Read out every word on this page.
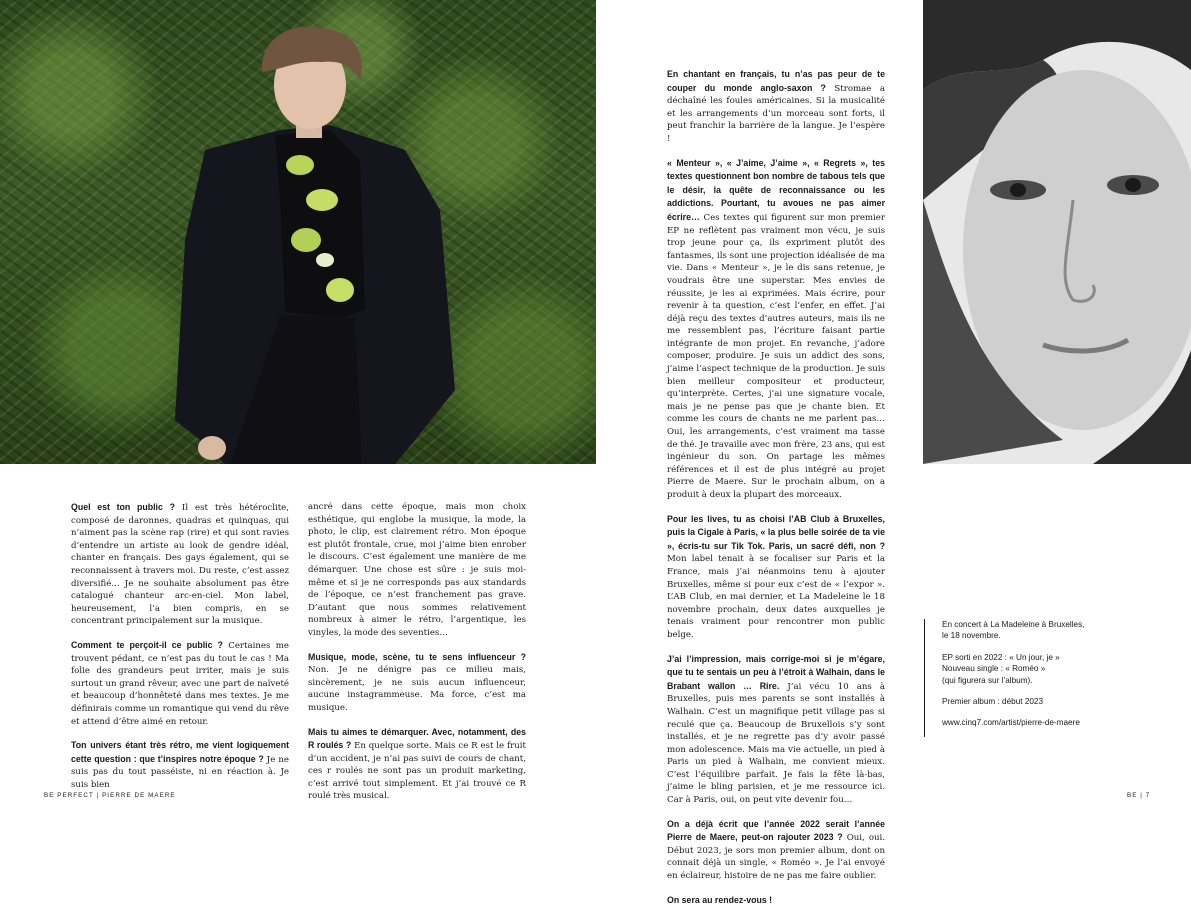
Quel est ton public ? Il est très hétéroclite, composé de daronnes, quadras et quinquas, qui n’aiment pas la scène rap (rire) et qui sont ravies d’entendre un artiste au look de gendre idéal, chanter en français. Des gays également, qui se reconnaissent à travers moi. Du reste, c’est assez diversifié… Je ne souhaite absolument pas être catalogué chanteur arc-en-ciel. Mon label, heureusement, l’a bien compris, en se concentrant principalement sur la musique.

Comment te perçoit-il ce public ? Certaines me trouvent pédant, ce n’est pas du tout le cas ! Ma folie des grandeurs peut irriter, mais je suis surtout un grand rêveur, avec une part de naïveté et beaucoup d’honnêteté dans mes textes. Je me définirais comme un romantique qui vend du rêve et attend d’être aimé en retour.

Ton univers étant très rétro, me vient logiquement cette question : que t’inspires notre époque ? Je ne suis pas du tout passéiste, ni en réaction à. Je suis bien

ancré dans cette époque, mais mon choix esthétique, qui englobe la musique, la mode, la photo, le clip, est clairement rétro. Mon époque est plutôt frontale, crue, moi j’aime bien enrober le discours. C’est également une manière de me démarquer. Une chose est sûre : je suis moi-même et si je ne corresponds pas aux standards de l’époque, ce n’est franchement pas grave. D’autant que nous sommes relativement nombreux à aimer le rétro, l’argentique, les vinyles, la mode des seventies…

Musique, mode, scène, tu te sens influenceur ? Non. Je ne dénigre pas ce milieu mais, sincèrement, je ne suis aucun influenceur, aucune instagrammeuse. Ma force, c’est ma musique.

Mais tu aimes te démarquer. Avec, notamment, des R roulés ? En quelque sorte. Mais ce R est le fruit d’un accident, je n’ai pas suivi de cours de chant, ces r roulés ne sont pas un produit marketing, c’est arrivé tout simplement. Et j’ai trouvé ce R roulé très musical.

En chantant en français, tu n’as pas peur de te couper du monde anglo-saxon ? Stromae a déchaîné les foules américaines. Si la musicalité et les arrangements d’un morceau sont forts, il peut franchir la barrière de la langue. Je l’espère !

« Menteur », « J’aime, J’aime », « Regrets », tes textes questionnent bon nombre de tabous tels que le désir, la quête de reconnaissance ou les addictions. Pourtant, tu avoues ne pas aimer écrire… Ces textes qui figurent sur mon premier EP ne reflètent pas vraiment mon vécu, je suis trop jeune pour ça, ils expriment plutôt des fantasmes, ils sont une projection idéalisée de ma vie. Dans « Menteur », je le dis sans retenue, je voudrais être une superstar. Mes envies de réussite, je les ai exprimées. Mais écrire, pour revenir à ta question, c’est l’enfer, en effet. J’ai déjà reçu des textes d’autres auteurs, mais ils ne me ressemblent pas, l’écriture faisant partie intégrante de mon projet. En revanche, j’adore composer, produire. Je suis un addict des sons, j’aime l’aspect technique de la production. Je suis bien meilleur compositeur et producteur, qu’interprète. Certes, j’ai une signature vocale, mais je ne pense pas que je chante bien. Et comme les cours de chants ne me parlent pas… Oui, les arrangements, c’est vraiment ma tasse de thé. Je travaille avec mon frère, 23 ans, qui est ingénieur du son. On partage les mêmes références et il est de plus intégré au projet Pierre de Maere. Sur le prochain album, on a produit à deux la plupart des morceaux.

Pour les lives, tu as choisi l’AB Club à Bruxelles, puis la Cigale à Paris, « la plus belle soirée de ta vie », écris-tu sur Tik Tok. Paris, un sacré défi, non ? Mon label tenait à se focaliser sur Paris et la France, mais j’ai néanmoins tenu à ajouter Bruxelles, même si pour eux c’est de « l’expor ». L’AB Club, en mai dernier, et La Madeleine le 18 novembre prochain, deux dates auxquelles je tenais vraiment pour rencontrer mon public belge.

J’ai l’impression, mais corrige-moi si je m’égare, que tu te sentais un peu à l’étroit à Walhain, dans le Brabant wallon … Rire. J’ai vécu 10 ans à Bruxelles, puis mes parents se sont installés à Walhain. C’est un magnifique petit village pas si reculé que ça. Beaucoup de Bruxellois s’y sont installés, et je ne regrette pas d’y avoir passé mon adolescence. Mais ma vie actuelle, un pied à Paris un pied à Walhain, me convient mieux. C’est l’équilibre parfait. Je fais la fête là-bas, j’aime le bling parisien, et je me ressource ici. Car à Paris, oui, on peut vite devenir fou…

On a déjà écrit que l’année 2022 serait l’année Pierre de Maere, peut-on rajouter 2023 ? Oui, oui. Début 2023, je sors mon premier album, dont on connait déjà un single, « Roméo ». Je l’ai envoyé en éclaireur, histoire de ne pas me faire oublier.

On sera au rendez-vous !

En concert à La Madeleine à Bruxelles,
le 18 novembre.
EP sorti en 2022 : « Un jour, je »
Nouveau single : « Roméo »
(qui figurera sur l’album).
Premier album : début 2023
www.cinq7.com/artist/pierre-de-maere
BE PERFECT | PIERRE DE MAERE	BE | 7
